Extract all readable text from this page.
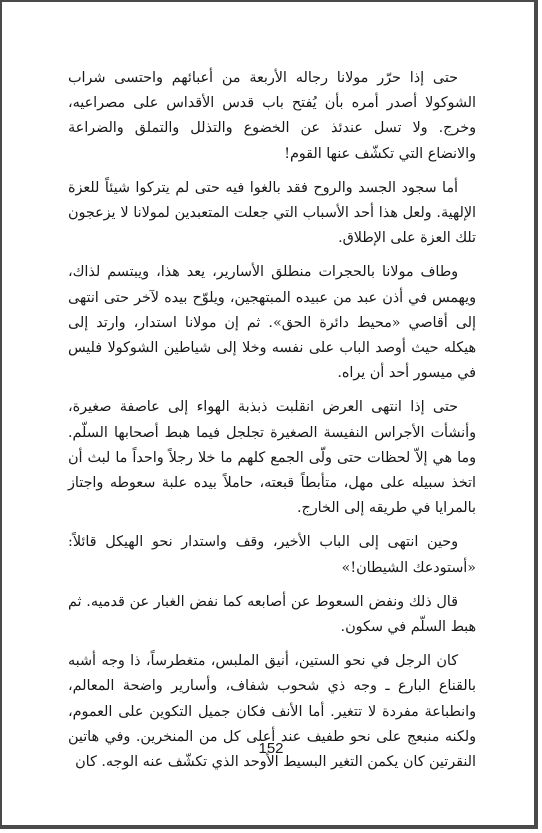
حتى إذا حرّر مولانا رجاله الأربعة من أعبائهم واحتسى شراب الشوكولا أصدر أمره بأن يُفتح باب قدس الأقداس على مصراعيه، وخرج. ولا تسل عندئذ عن الخضوع والتذلل والتملق والضراعة والانضاع التي تكشّف عنها القوم!

أما سجود الجسد والروح فقد بالغوا فيه حتى لم يتركوا شيئاً للعزة الإلهية. ولعل هذا أحد الأسباب التي جعلت المتعبدين لمولانا لا يزعجون تلك العزة على الإطلاق.

وطاف مولانا بالحجرات منطلق الأسارير، يعد هذا، ويبتسم لذاك، ويهمس في أذن عبد من عبيده المبتهجين، ويلوّح بيده لآخر حتى انتهى إلى أقاصي «محيط دائرة الحق». ثم إن مولانا استدار، وارتد إلى هيكله حيث أوصد الباب على نفسه وخلا إلى شياطين الشوكولا فليس في ميسور أحد أن يراه.

حتى إذا انتهى العرض انقلبت ذبذبة الهواء إلى عاصفة صغيرة، وأنشأت الأجراس النفيسة الصغيرة تجلجل فيما هبط أصحابها السلّم. وما هي إلاّ لحظات حتى ولّى الجمع كلهم ما خلا رجلاً واحداً ما لبث أن اتخذ سبيله على مهل، متأبطاً قبعته، حاملاً بيده علبة سعوطه واجتاز بالمرايا في طريقه إلى الخارج.

وحين انتهى إلى الباب الأخير، وقف واستدار نحو الهيكل قائلاً: «أستودعك الشيطان!»

قال ذلك ونفض السعوط عن أصابعه كما نفض الغبار عن قدميه. ثم هبط السلّم في سكون.

كان الرجل في نحو الستين، أنيق الملبس، متغطرساً، ذا وجه أشبه بالقناع البارع ـ وجه ذي شحوب شفاف، وأسارير واضحة المعالم، وانطباعة مفردة لا تتغير. أما الأنف فكان جميل التكوين على العموم، ولكنه منبعج على نحو طفيف عند أعلى كل من المنخرين. وفي هاتين النقرتين كان يكمن التغير البسيط الأوحد الذي تكشّف عنه الوجه. كان

152
